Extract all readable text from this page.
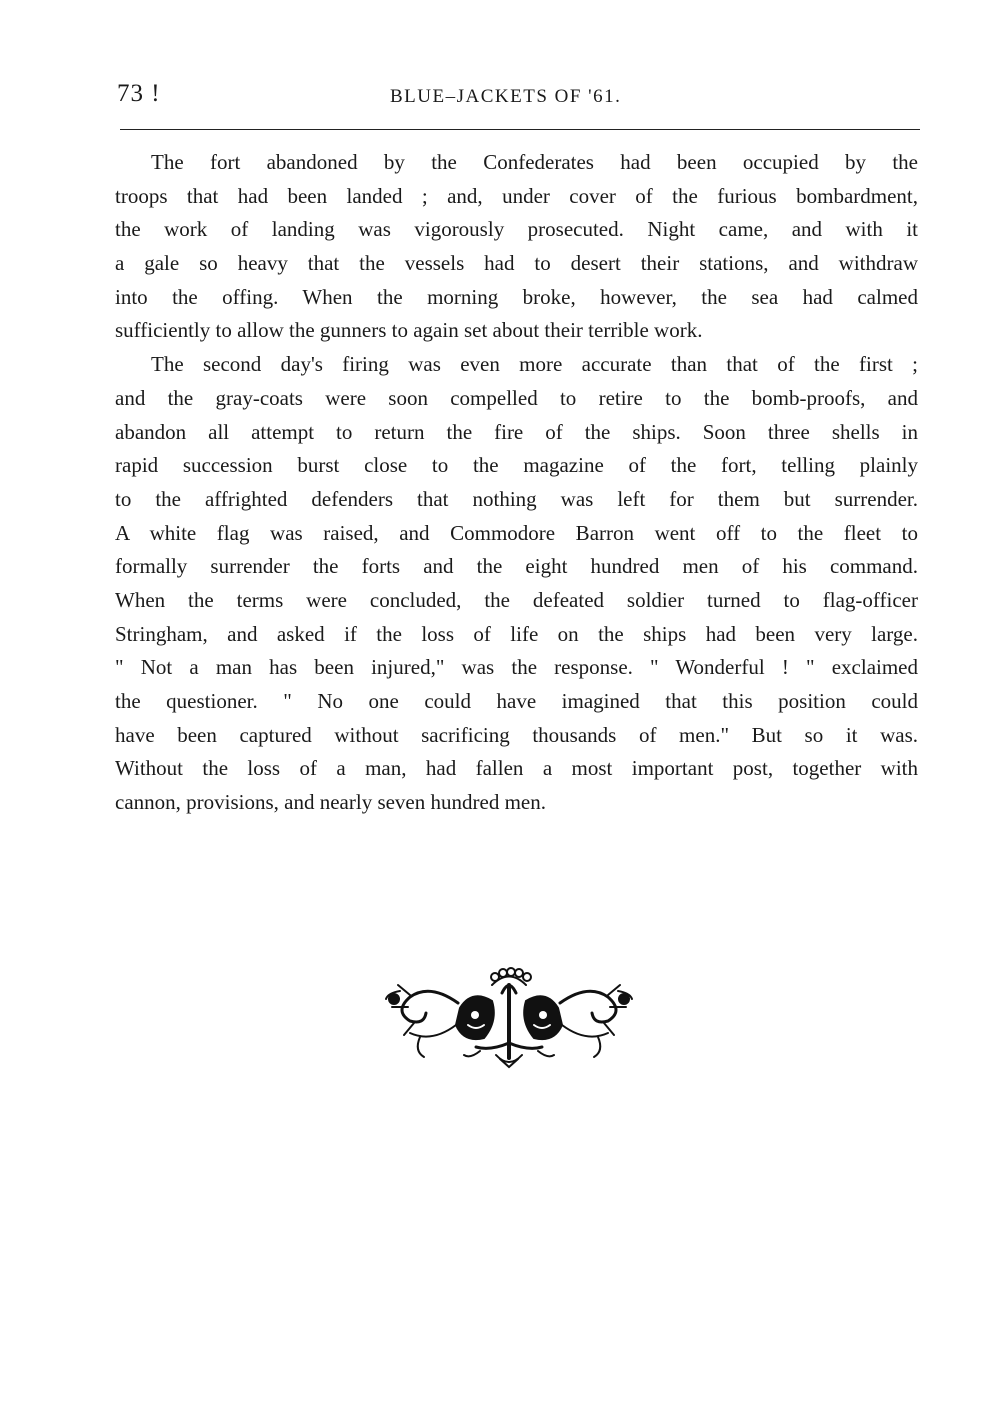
73 !	BLUE–JACKETS OF '61.
The fort abandoned by the Confederates had been occupied by the
troops that had been landed ; and, under cover of the furious bombardment,
the work of landing was vigorously prosecuted. Night came, and with it
a gale so heavy that the vessels had to desert their stations, and withdraw
into the offing. When the morning broke, however, the sea had calmed
sufficiently to allow the gunners to again set about their terrible work.
The second day's firing was even more accurate than that of the first ;
and the gray-coats were soon compelled to retire to the bomb-proofs, and
abandon all attempt to return the fire of the ships. Soon three shells in
rapid succession burst close to the magazine of the fort, telling plainly
to the affrighted defenders that nothing was left for them but surrender.
A white flag was raised, and Commodore Barron went off to the fleet to
formally surrender the forts and the eight hundred men of his command.
When the terms were concluded, the defeated soldier turned to flag-officer
Stringham, and asked if the loss of life on the ships had been very large.
" Not a man has been injured," was the response. " Wonderful ! " exclaimed
the questioner. " No one could have imagined that this position could
have been captured without sacrificing thousands of men." But so it was.
Without the loss of a man, had fallen a most important post, together with
cannon, provisions, and nearly seven hundred men.
